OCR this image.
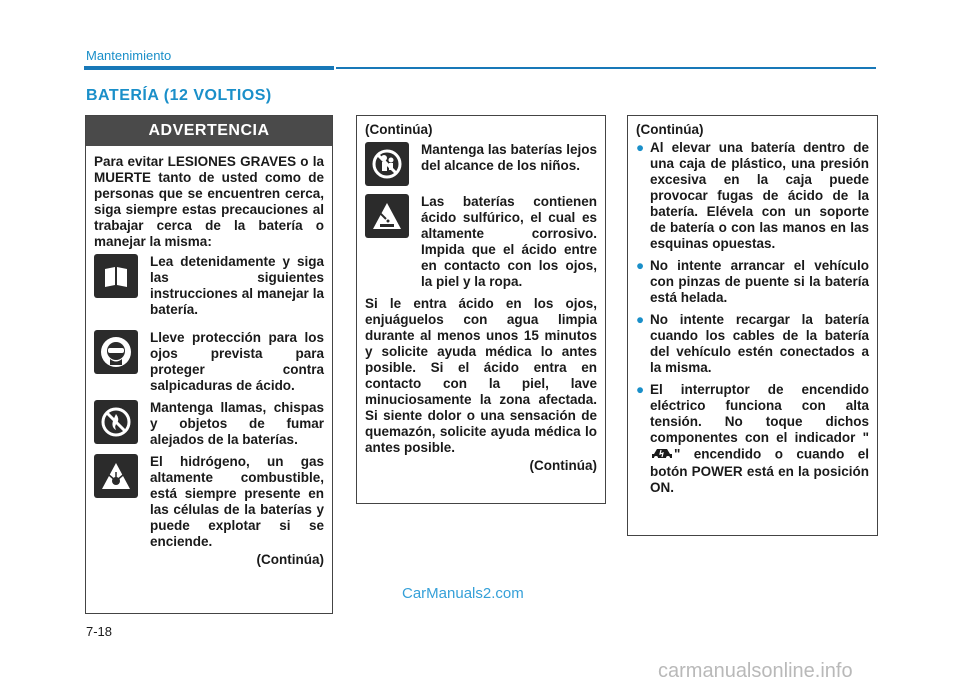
Mantenimiento
BATERÍA (12 VOLTIOS)
ADVERTENCIA
Para evitar LESIONES GRAVES o la MUERTE tanto de usted como de personas que se encuentren cerca, siga siempre estas precauciones al trabajar cerca de la batería o manejar la misma:
Lea detenidamente y siga las siguientes instrucciones al manejar la batería.
Lleve protección para los ojos prevista para proteger contra salpicaduras de ácido.
Mantenga llamas, chispas y objetos de fumar alejados de la baterías.
El hidrógeno, un gas altamente combustible, está siempre presente en las células de la baterías y puede explotar si se enciende.
(Continúa)
(Continúa)
Mantenga las baterías lejos del alcance de los niños.
Las baterías contienen ácido sulfúrico, el cual es altamente corrosivo. Impida que el ácido entre en contacto con los ojos, la piel y la ropa.
Si le entra ácido en los ojos, enjuáguelos con agua limpia durante al menos unos 15 minutos y solicite ayuda médica lo antes posible. Si el ácido entra en contacto con la piel, lave minuciosamente la zona afectada. Si siente dolor o una sensación de quemazón, solicite ayuda médica lo antes posible.
(Continúa)
(Continúa)
● Al elevar una batería dentro de una caja de plástico, una presión excesiva en la caja puede provocar fugas de ácido de la batería. Elévela con un soporte de batería o con las manos en las esquinas opuestas.
● No intente arrancar el vehículo con pinzas de puente si la batería está helada.
● No intente recargar la batería cuando los cables de la batería del vehículo estén conectados a la misma.
● El interruptor de encendido eléctrico funciona con alta tensión. No toque dichos componentes con el indicador "" encendido o cuando el botón POWER está en la posición ON.
7-18
CarManuals2.com
carmanualsonline.info
